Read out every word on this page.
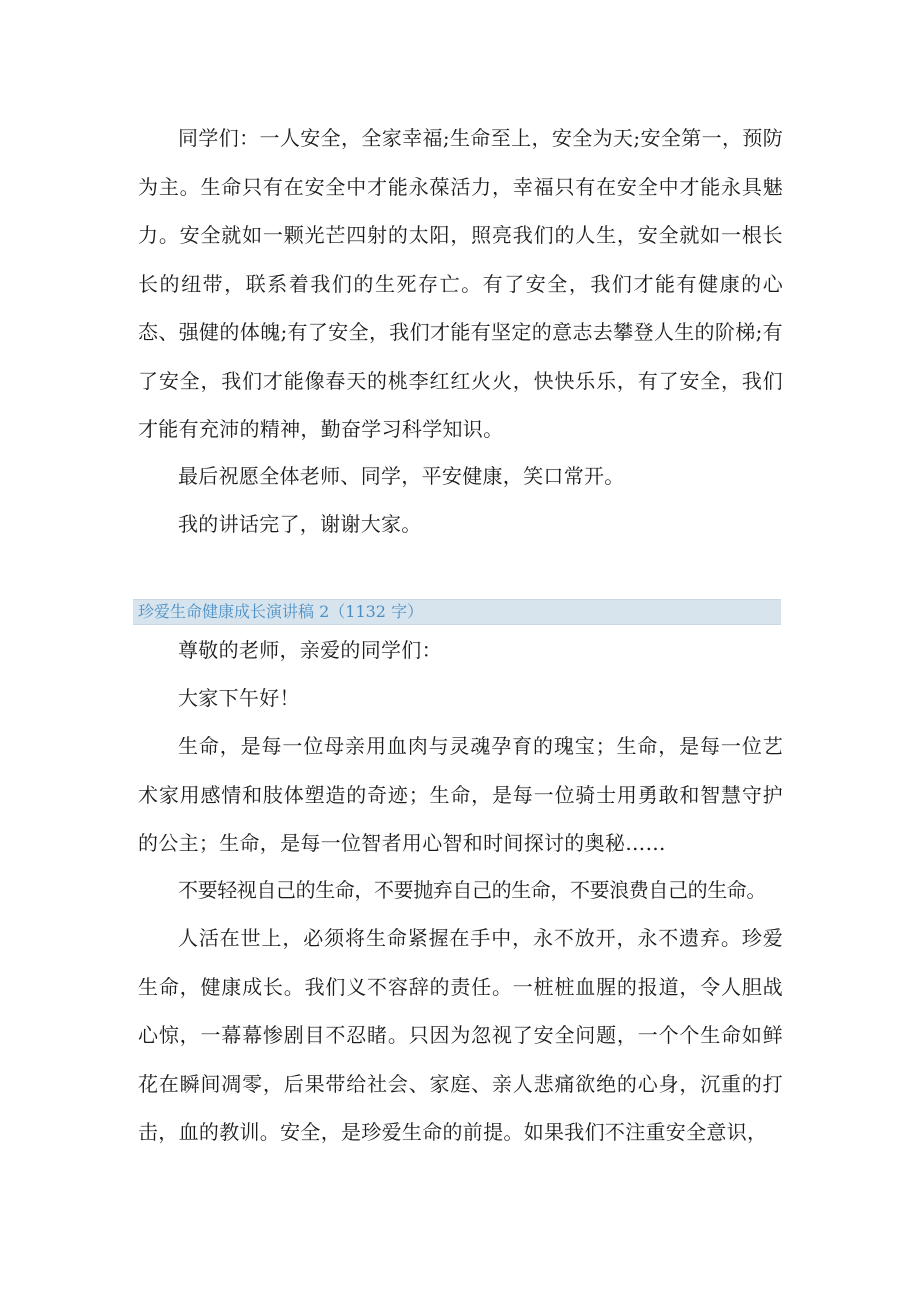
同学们：一人安全，全家幸福;生命至上，安全为天;安全第一，预防为主。生命只有在安全中才能永葆活力，幸福只有在安全中才能永具魅力。安全就如一颗光芒四射的太阳，照亮我们的人生，安全就如一根长长的纽带，联系着我们的生死存亡。有了安全，我们才能有健康的心态、强健的体魄;有了安全，我们才能有坚定的意志去攀登人生的阶梯;有了安全，我们才能像春天的桃李红红火火，快快乐乐，有了安全，我们才能有充沛的精神，勤奋学习科学知识。

最后祝愿全体老师、同学，平安健康，笑口常开。

我的讲话完了，谢谢大家。

珍爱生命健康成长演讲稿 2（1132 字）

尊敬的老师，亲爱的同学们：

大家下午好！

生命，是每一位母亲用血肉与灵魂孕育的瑰宝；生命，是每一位艺术家用感情和肢体塑造的奇迹；生命，是每一位骑士用勇敢和智慧守护的公主；生命，是每一位智者用心智和时间探讨的奥秘……

不要轻视自己的生命，不要抛弃自己的生命，不要浪费自己的生命。

人活在世上，必须将生命紧握在手中，永不放开，永不遗弃。珍爱生命，健康成长。我们义不容辞的责任。一桩桩血腥的报道，令人胆战心惊，一幕幕惨剧目不忍睹。只因为忽视了安全问题，一个个生命如鲜花在瞬间凋零，后果带给社会、家庭、亲人悲痛欲绝的心身，沉重的打击，血的教训。安全，是珍爱生命的前提。如果我们不注重安全意识，
